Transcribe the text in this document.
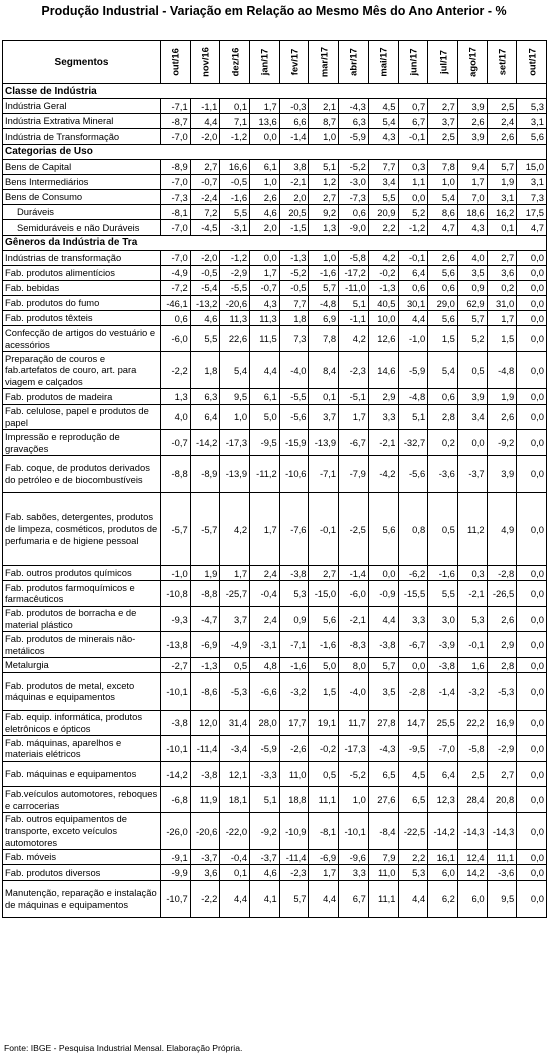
Produção Industrial - Variação em Relação ao Mesmo Mês do Ano Anterior - %
Segmentos	out/16	nov/16	dez/16	jan/17	fev/17	mar/17	abr/17	mai/17	jun/17	jul/17	ago/17	set/17	out/17

Classe de Indústria													
Indústria Geral	-7,1	-1,1	0,1	1,7	-0,3	2,1	-4,3	4,5	0,7	2,7	3,9	2,5	5,3
Indústria Extrativa Mineral	-8,7	4,4	7,1	13,6	6,6	8,7	6,3	5,4	6,7	3,7	2,6	2,4	3,1
Indústria de Transformação	-7,0	-2,0	-1,2	0,0	-1,4	1,0	-5,9	4,3	-0,1	2,5	3,9	2,6	5,6
Categorias de Uso													
Bens de Capital	-8,9	2,7	16,6	6,1	3,8	5,1	-5,2	7,7	0,3	7,8	9,4	5,7	15,0
Bens Intermediários	-7,0	-0,7	-0,5	1,0	-2,1	1,2	-3,0	3,4	1,1	1,0	1,7	1,9	3,1
Bens de Consumo	-7,3	-2,4	-1,6	2,6	2,0	2,7	-7,3	5,5	0,0	5,4	7,0	3,1	7,3
Duráveis	-8,1	7,2	5,5	4,6	20,5	9,2	0,6	20,9	5,2	8,6	18,6	16,2	17,5
Semiduráveis e não Duráveis	-7,0	-4,5	-3,1	2,0	-1,5	1,3	-9,0	2,2	-1,2	4,7	4,3	0,1	4,7
Gêneros da Indústria de Tra													
Indústrias de transformação	-7,0	-2,0	-1,2	0,0	-1,3	1,0	-5,8	4,2	-0,1	2,6	4,0	2,7	0,0
Fab. produtos alimentícios	-4,9	-0,5	-2,9	1,7	-5,2	-1,6	-17,2	-0,2	6,4	5,6	3,5	3,6	0,0
Fab. bebidas	-7,2	-5,4	-5,5	-0,7	-0,5	5,7	-11,0	-1,3	0,6	0,6	0,9	0,2	0,0
Fab. produtos do fumo	-46,1	-13,2	-20,6	4,3	7,7	-4,8	5,1	40,5	30,1	29,0	62,9	31,0	0,0
Fab. produtos têxteis	0,6	4,6	11,3	11,3	1,8	6,9	-1,1	10,0	4,4	5,6	5,7	1,7	0,0
Confecção de artigos do vestuário e acessórios	-6,0	5,5	22,6	11,5	7,3	7,8	4,2	12,6	-1,0	1,5	5,2	1,5	0,0
Preparação de couros e fab.artefatos de couro, art. para viagem e calçados	-2,2	1,8	5,4	4,4	-4,0	8,4	-2,3	14,6	-5,9	5,4	0,5	-4,8	0,0
Fab. produtos de madeira	1,3	6,3	9,5	6,1	-5,5	0,1	-5,1	2,9	-4,8	0,6	3,9	1,9	0,0
Fab. celulose, papel e produtos de papel	4,0	6,4	1,0	5,0	-5,6	3,7	1,7	3,3	5,1	2,8	3,4	2,6	0,0
Impressão e reprodução de gravações	-0,7	-14,2	-17,3	-9,5	-15,9	-13,9	-6,7	-2,1	-32,7	0,2	0,0	-9,2	0,0
Fab. coque, de produtos derivados do petróleo e de biocombustíveis	-8,8	-8,9	-13,9	-11,2	-10,6	-7,1	-7,9	-4,2	-5,6	-3,6	-3,7	3,9	0,0
Fab. sabões, detergentes, produtos de limpeza, cosméticos, produtos de perfumaria e de higiene pessoal	-5,7	-5,7	4,2	1,7	-7,6	-0,1	-2,5	5,6	0,8	0,5	11,2	4,9	0,0
Fab. outros produtos químicos	-1,0	1,9	1,7	2,4	-3,8	2,7	-1,4	0,0	-6,2	-1,6	0,3	-2,8	0,0
Fab. produtos farmoquímicos e farmacêuticos	-10,8	-8,8	-25,7	-0,4	5,3	-15,0	-6,0	-0,9	-15,5	5,5	-2,1	-26,5	0,0
Fab. produtos de borracha e de material plástico	-9,3	-4,7	3,7	2,4	0,9	5,6	-2,1	4,4	3,3	3,0	5,3	2,6	0,0
Fab. produtos de minerais não-metálicos	-13,8	-6,9	-4,9	-3,1	-7,1	-1,6	-8,3	-3,8	-6,7	-3,9	-0,1	2,9	0,0
Metalurgia	-2,7	-1,3	0,5	4,8	-1,6	5,0	8,0	5,7	0,0	-3,8	1,6	2,8	0,0
Fab. produtos de metal, exceto máquinas e equipamentos	-10,1	-8,6	-5,3	-6,6	-3,2	1,5	-4,0	3,5	-2,8	-1,4	-3,2	-5,3	0,0
Fab. equip. informática, produtos eletrônicos e ópticos	-3,8	12,0	31,4	28,0	17,7	19,1	11,7	27,8	14,7	25,5	22,2	16,9	0,0
Fab. máquinas, aparelhos e materiais elétricos	-10,1	-11,4	-3,4	-5,9	-2,6	-0,2	-17,3	-4,3	-9,5	-7,0	-5,8	-2,9	0,0
Fab. máquinas e equipamentos	-14,2	-3,8	12,1	-3,3	11,0	0,5	-5,2	6,5	4,5	6,4	2,5	2,7	0,0
Fab.veículos automotores, reboques e carrocerias	-6,8	11,9	18,1	5,1	18,8	11,1	1,0	27,6	6,5	12,3	28,4	20,8	0,0
Fab. outros equipamentos de transporte, exceto veículos automotores	-26,0	-20,6	-22,0	-9,2	-10,9	-8,1	-10,1	-8,4	-22,5	-14,2	-14,3	-14,3	0,0
Fab. móveis	-9,1	-3,7	-0,4	-3,7	-11,4	-6,9	-9,6	7,9	2,2	16,1	12,4	11,1	0,0
Fab. produtos diversos	-9,9	3,6	0,1	4,6	-2,3	1,7	3,3	11,0	5,3	6,0	14,2	-3,6	0,0
Manutenção, reparação e instalação de máquinas e equipamentos	-10,7	-2,2	4,4	4,1	5,7	4,4	6,7	11,1	4,4	6,2	6,0	9,5	0,0
Fonte: IBGE - Pesquisa Industrial Mensal. Elaboração Própria.
